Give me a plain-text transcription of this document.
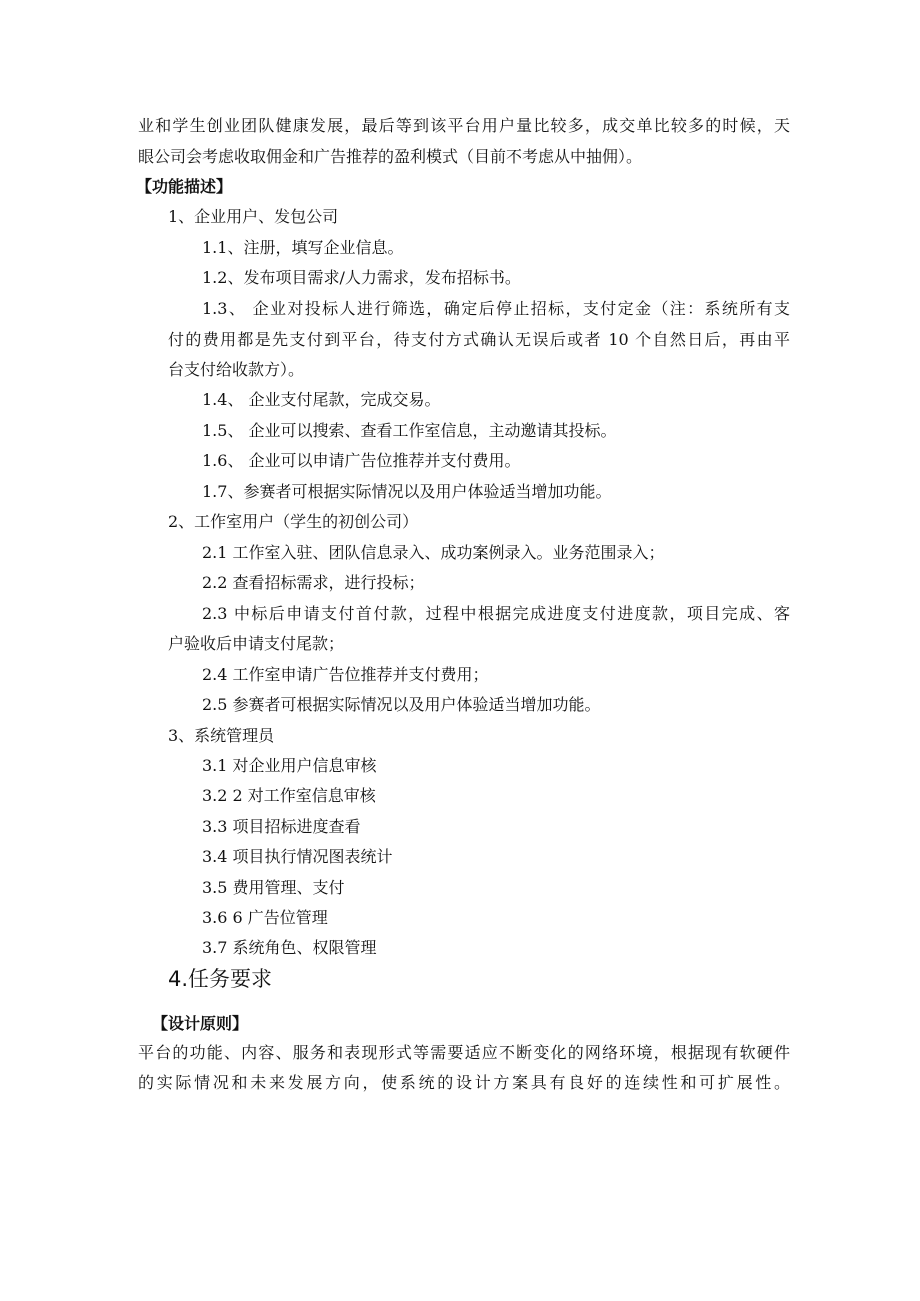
业和学生创业团队健康发展，最后等到该平台用户量比较多，成交单比较多的时候，天
眼公司会考虑收取佣金和广告推荐的盈利模式（目前不考虑从中抽佣）。
【功能描述】
1、企业用户、发包公司
1.1、注册，填写企业信息。
1.2、发布项目需求/人力需求，发布招标书。
1.3、 企业对投标人进行筛选，确定后停止招标，支付定金（注：系统所有支
付的费用都是先支付到平台，待支付方式确认无误后或者 10 个自然日后，再由平
台支付给收款方）。
1.4、 企业支付尾款，完成交易。
1.5、 企业可以搜索、查看工作室信息，主动邀请其投标。
1.6、 企业可以申请广告位推荐并支付费用。
1.7、参赛者可根据实际情况以及用户体验适当增加功能。
2、工作室用户（学生的初创公司）
2.1 工作室入驻、团队信息录入、成功案例录入。业务范围录入；
2.2 查看招标需求，进行投标；
2.3 中标后申请支付首付款，过程中根据完成进度支付进度款，项目完成、客
户验收后申请支付尾款；
2.4 工作室申请广告位推荐并支付费用；
2.5 参赛者可根据实际情况以及用户体验适当增加功能。
3、系统管理员
3.1 对企业用户信息审核
3.2 2 对工作室信息审核
3.3 项目招标进度查看
3.4 项目执行情况图表统计
3.5 费用管理、支付
3.6 6 广告位管理
3.7 系统角色、权限管理
4.任务要求
【设计原则】
平台的功能、内容、服务和表现形式等需要适应不断变化的网络环境，根据现有软硬件
的实际情况和未来发展方向，使系统的设计方案具有良好的连续性和可扩展性。
